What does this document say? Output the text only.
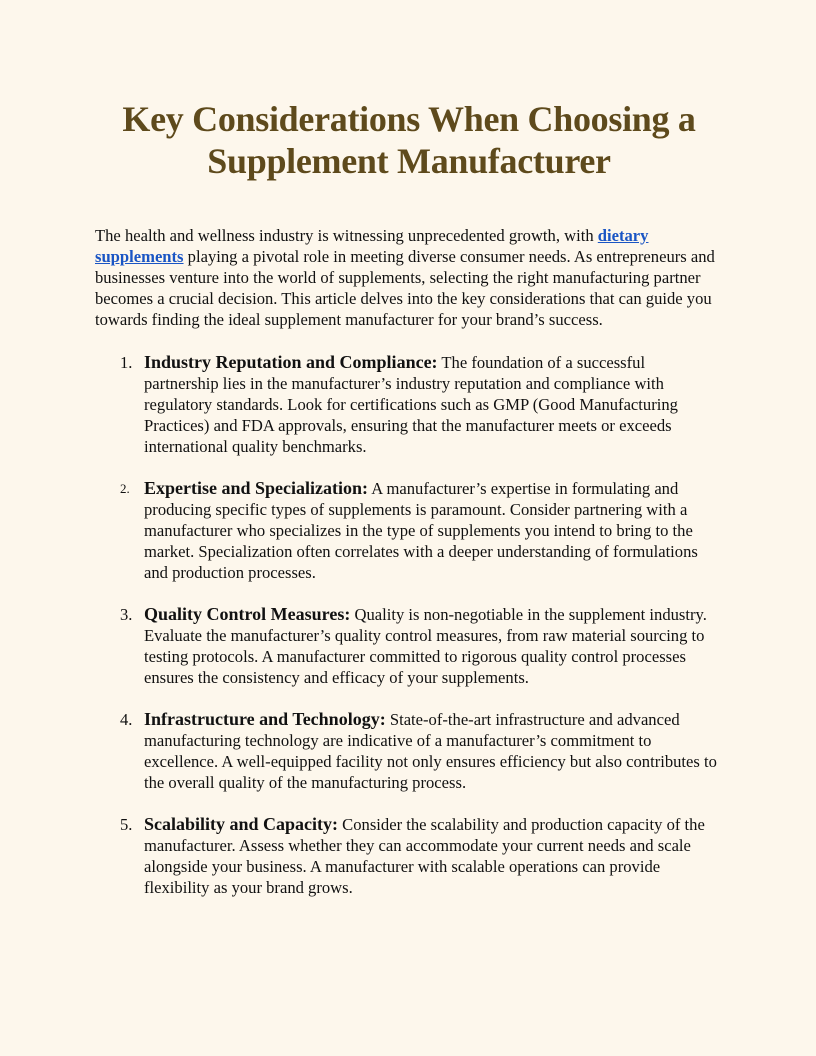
Key Considerations When Choosing a Supplement Manufacturer

The health and wellness industry is witnessing unprecedented growth, with dietary supplements playing a pivotal role in meeting diverse consumer needs. As entrepreneurs and businesses venture into the world of supplements, selecting the right manufacturing partner becomes a crucial decision. This article delves into the key considerations that can guide you towards finding the ideal supplement manufacturer for your brand’s success.

1. Industry Reputation and Compliance: The foundation of a successful partnership lies in the manufacturer’s industry reputation and compliance with regulatory standards. Look for certifications such as GMP (Good Manufacturing Practices) and FDA approvals, ensuring that the manufacturer meets or exceeds international quality benchmarks.
2. Expertise and Specialization: A manufacturer’s expertise in formulating and producing specific types of supplements is paramount. Consider partnering with a manufacturer who specializes in the type of supplements you intend to bring to the market. Specialization often correlates with a deeper understanding of formulations and production processes.
3. Quality Control Measures: Quality is non-negotiable in the supplement industry. Evaluate the manufacturer’s quality control measures, from raw material sourcing to testing protocols. A manufacturer committed to rigorous quality control processes ensures the consistency and efficacy of your supplements.
4. Infrastructure and Technology: State-of-the-art infrastructure and advanced manufacturing technology are indicative of a manufacturer’s commitment to excellence. A well-equipped facility not only ensures efficiency but also contributes to the overall quality of the manufacturing process.
5. Scalability and Capacity: Consider the scalability and production capacity of the manufacturer. Assess whether they can accommodate your current needs and scale alongside your business. A manufacturer with scalable operations can provide flexibility as your brand grows.
